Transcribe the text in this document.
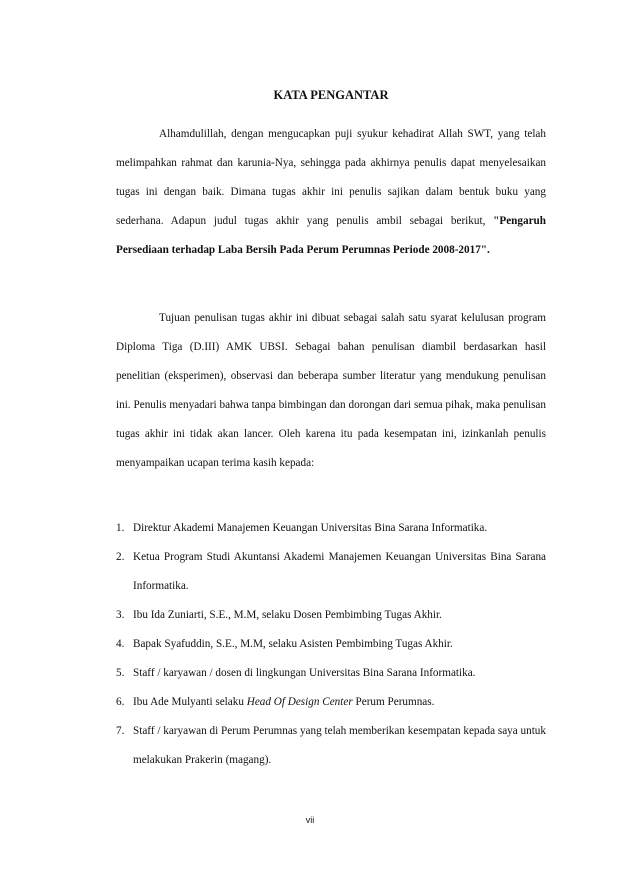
KATA PENGANTAR

Alhamdulillah, dengan mengucapkan puji syukur kehadirat Allah SWT, yang telah melimpahkan rahmat dan karunia-Nya, sehingga pada akhirnya penulis dapat menyelesaikan tugas ini dengan baik. Dimana tugas akhir ini penulis sajikan dalam bentuk buku yang sederhana. Adapun judul tugas akhir yang penulis ambil sebagai berikut, "Pengaruh Persediaan terhadap Laba Bersih Pada Perum Perumnas Periode 2008-2017".

Tujuan penulisan tugas akhir ini dibuat sebagai salah satu syarat kelulusan program Diploma Tiga (D.III) AMK UBSI. Sebagai bahan penulisan diambil berdasarkan hasil penelitian (eksperimen), observasi dan beberapa sumber literatur yang mendukung penulisan ini. Penulis menyadari bahwa tanpa bimbingan dan dorongan dari semua pihak, maka penulisan tugas akhir ini tidak akan lancer. Oleh karena itu pada kesempatan ini, izinkanlah penulis menyampaikan ucapan terima kasih kepada:

1. Direktur Akademi Manajemen Keuangan Universitas Bina Sarana Informatika.
2. Ketua Program Studi Akuntansi Akademi Manajemen Keuangan Universitas Bina Sarana Informatika.
3. Ibu Ida Zuniarti, S.E., M.M, selaku Dosen Pembimbing Tugas Akhir.
4. Bapak Syafuddin, S.E., M.M, selaku Asisten Pembimbing Tugas Akhir.
5. Staff / karyawan / dosen di lingkungan Universitas Bina Sarana Informatika.
6. Ibu Ade Mulyanti selaku Head Of Design Center Perum Perumnas.
7. Staff / karyawan di Perum Perumnas yang telah memberikan kesempatan kepada saya untuk melakukan Prakerin (magang).
vii
